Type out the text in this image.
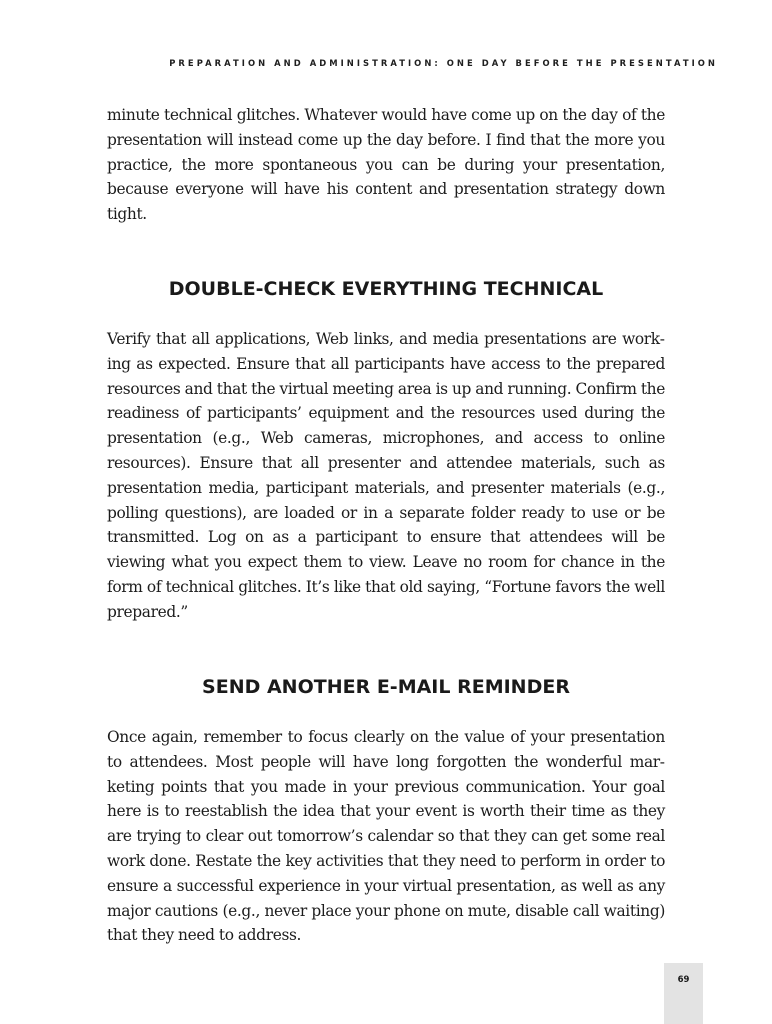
PREPARATION AND ADMINISTRATION: ONE DAY BEFORE THE PRESENTATION

minute technical glitches. Whatever would have come up on the day of the presentation will instead come up the day before. I find that the more you practice, the more spontaneous you can be during your presentation, because everyone will have his content and presentation strategy down tight.

DOUBLE-CHECK EVERYTHING TECHNICAL

Verify that all applications, Web links, and media presentations are working as expected. Ensure that all participants have access to the prepared resources and that the virtual meeting area is up and running. Confirm the readiness of participants’ equipment and the resources used during the presentation (e.g., Web cameras, microphones, and access to online resources). Ensure that all presenter and attendee materials, such as presentation media, participant materials, and presenter materials (e.g., polling questions), are loaded or in a separate folder ready to use or be transmitted. Log on as a participant to ensure that attendees will be viewing what you expect them to view. Leave no room for chance in the form of technical glitches. It’s like that old saying, “Fortune favors the well prepared.”

SEND ANOTHER E-MAIL REMINDER

Once again, remember to focus clearly on the value of your presentation to attendees. Most people will have long forgotten the wonderful marketing points that you made in your previous communication. Your goal here is to reestablish the idea that your event is worth their time as they are trying to clear out tomorrow’s calendar so that they can get some real work done. Restate the key activities that they need to perform in order to ensure a successful experience in your virtual presentation, as well as any major cautions (e.g., never place your phone on mute, disable call waiting) that they need to address.

69
